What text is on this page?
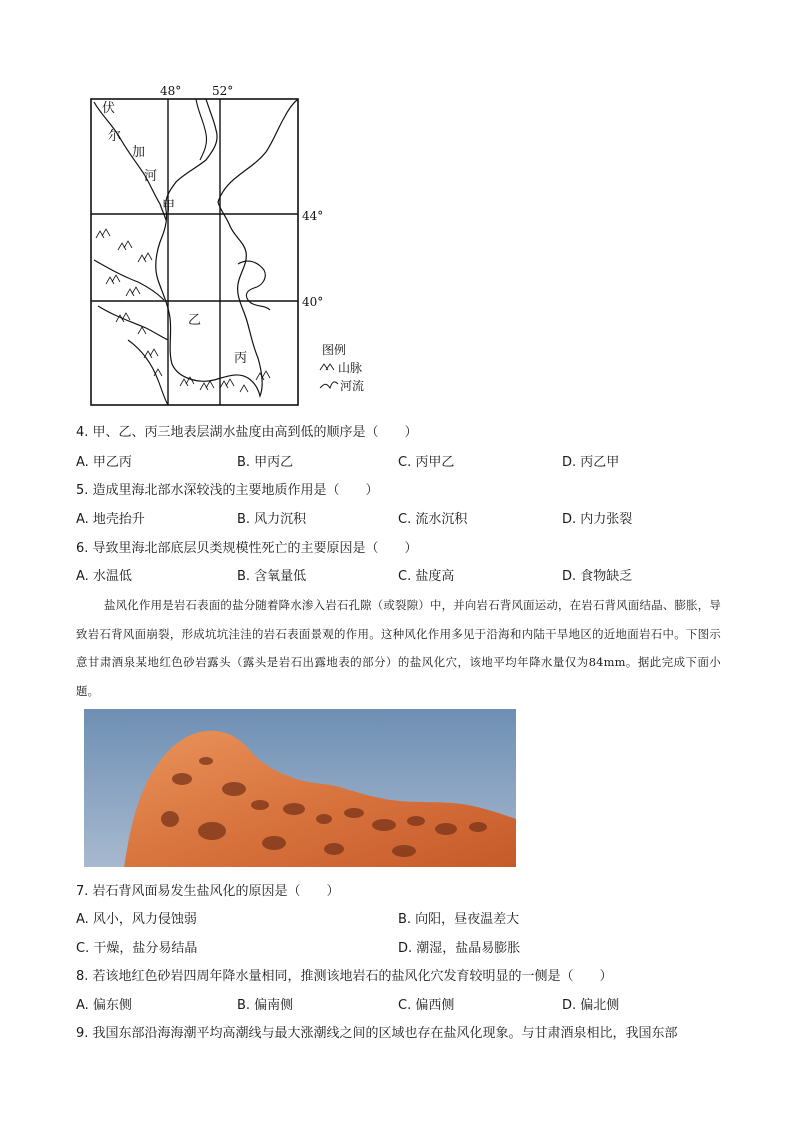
48°	52°
44°
40°
伏
尔
加
河
甲
乙
丙
图例
山脉
河流
4. 甲、乙、丙三地表层湖水盐度由高到低的顺序是（　　）
A. 甲乙丙	B. 甲丙乙	C. 丙甲乙	D. 丙乙甲
5. 造成里海北部水深较浅的主要地质作用是（　　）
A. 地壳抬升	B. 风力沉积	C. 流水沉积	D. 内力张裂
6. 导致里海北部底层贝类规模性死亡的主要原因是（　　）
A. 水温低	B. 含氧量低	C. 盐度高	D. 食物缺乏
盐风化作用是岩石表面的盐分随着降水渗入岩石孔隙（或裂隙）中，并向岩石背风面运动，在岩石背风面结晶、膨胀，导致岩石背风面崩裂，形成坑坑洼洼的岩石表面景观的作用。这种风化作用多见于沿海和内陆干旱地区的近地面岩石中。下图示意甘肃酒泉某地红色砂岩露头（露头是岩石出露地表的部分）的盐风化穴，该地平均年降水量仅为84mm。据此完成下面小题。
7. 岩石背风面易发生盐风化的原因是（　　）
A. 风小，风力侵蚀弱	B. 向阳，昼夜温差大
C. 干燥，盐分易结晶	D. 潮湿，盐晶易膨胀
8. 若该地红色砂岩四周年降水量相同，推测该地岩石的盐风化穴发育较明显的一侧是（　　）
A. 偏东侧	B. 偏南侧	C. 偏西侧	D. 偏北侧
9. 我国东部沿海海潮平均高潮线与最大涨潮线之间的区域也存在盐风化现象。与甘肃酒泉相比，我国东部
